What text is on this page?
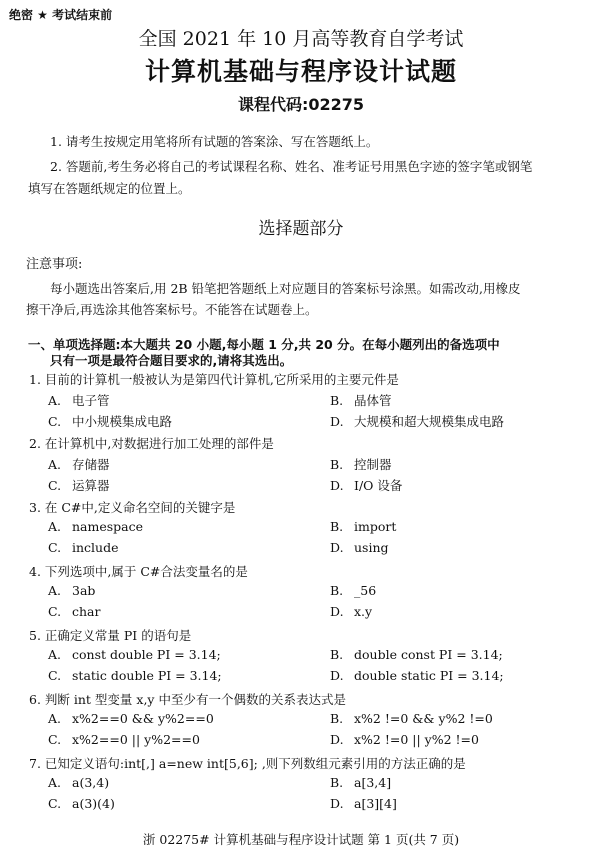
绝密 ★ 考试结束前
全国 2021 年 10 月高等教育自学考试
计算机基础与程序设计试题
课程代码:02275
1. 请考生按规定用笔将所有试题的答案涂、写在答题纸上。
2. 答题前,考生务必将自己的考试课程名称、姓名、准考证号用黑色字迹的签字笔或钢笔
填写在答题纸规定的位置上。
选择题部分
注意事项:
每小题选出答案后,用 2B 铅笔把答题纸上对应题目的答案标号涂黑。如需改动,用橡皮
擦干净后,再选涂其他答案标号。不能答在试题卷上。
一、单项选择题:本大题共 20 小题,每小题 1 分,共 20 分。在每小题列出的备选项中
只有一项是最符合题目要求的,请将其选出。
1. 目前的计算机一般被认为是第四代计算机,它所采用的主要元件是
A. 电子管	B. 晶体管
C. 中小规模集成电路	D. 大规模和超大规模集成电路
2. 在计算机中,对数据进行加工处理的部件是
A. 存储器	B. 控制器
C. 运算器	D. I/O 设备
3. 在 C#中,定义命名空间的关键字是
A. namespace	B. import
C. include	D. using
4. 下列选项中,属于 C#合法变量名的是
A. 3ab	B. _56
C. char	D. x.y
5. 正确定义常量 PI 的语句是
A. const double PI = 3.14;	B. double const PI = 3.14;
C. static double PI = 3.14;	D. double static PI = 3.14;
6. 判断 int 型变量 x,y 中至少有一个偶数的关系表达式是
A. x%2==0 && y%2==0	B. x%2 !=0 && y%2 !=0
C. x%2==0 || y%2==0	D. x%2 !=0 || y%2 !=0
7. 已知定义语句:int[,] a=new int[5,6]; ,则下列数组元素引用的方法正确的是
A. a(3,4)	B. a[3,4]
C. a(3)(4)	D. a[3][4]
浙 02275# 计算机基础与程序设计试题 第 1 页(共 7 页)
